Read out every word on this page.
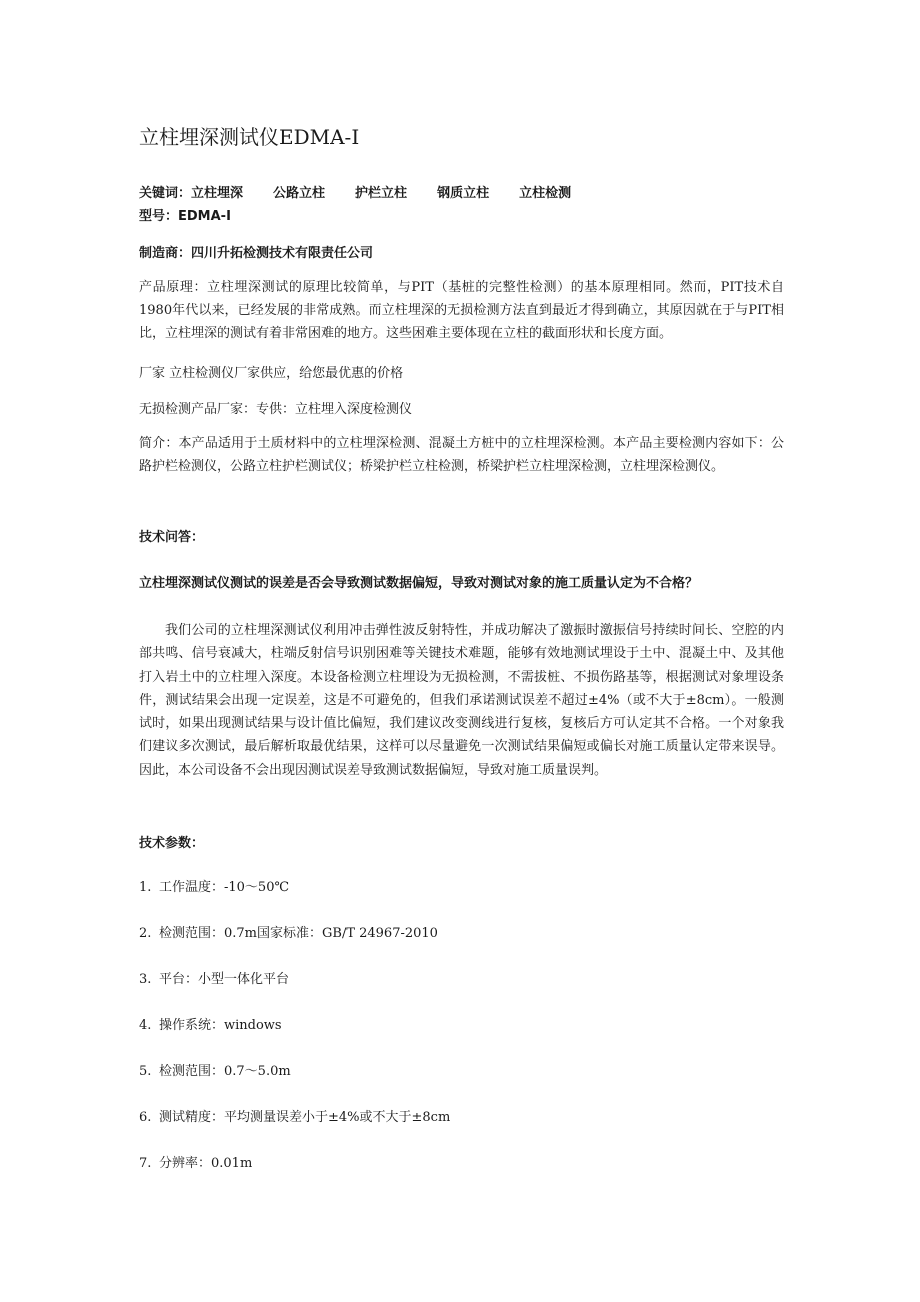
立柱埋深测试仪EDMA-I
关键词：立柱埋深 公路立柱 护栏立柱 钢质立柱 立柱检测
型号：EDMA-I
制造商：四川升拓检测技术有限责任公司

产品原理：立柱埋深测试的原理比较简单，与PIT（基桩的完整性检测）的基本原理相同。然而，PIT技术自1980年代以来，已经发展的非常成熟。而立柱埋深的无损检测方法直到最近才得到确立，其原因就在于与PIT相比，立柱埋深的测试有着非常困难的地方。这些困难主要体现在立柱的截面形状和长度方面。

厂家 立柱检测仪厂家供应，给您最优惠的价格

无损检测产品厂家：专供：立柱埋入深度检测仪

简介：本产品适用于土质材料中的立柱埋深检测、混凝土方桩中的立柱埋深检测。本产品主要检测内容如下：公路护栏检测仪，公路立柱护栏测试仪；桥梁护栏立柱检测，桥梁护栏立柱埋深检测，立柱埋深检测仪。

技术问答：
立柱埋深测试仪测试的误差是否会导致测试数据偏短，导致对测试对象的施工质量认定为不合格？

我们公司的立柱埋深测试仪利用冲击弹性波反射特性，并成功解决了激振时激振信号持续时间长、空腔的内部共鸣、信号衰减大，柱端反射信号识别困难等关键技术难题，能够有效地测试埋设于土中、混凝土中、及其他打入岩土中的立柱埋入深度。本设备检测立柱埋设为无损检测，不需拔桩、不损伤路基等，根据测试对象埋设条件，测试结果会出现一定误差，这是不可避免的，但我们承诺测试误差不超过±4%（或不大于±8cm）。一般测试时，如果出现测试结果与设计值比偏短，我们建议改变测线进行复核，复核后方可认定其不合格。一个对象我们建议多次测试，最后解析取最优结果，这样可以尽量避免一次测试结果偏短或偏长对施工质量认定带来误导。因此，本公司设备不会出现因测试误差导致测试数据偏短，导致对施工质量误判。

技术参数：
1. 工作温度：-10～50℃
2. 检测范围：0.7m国家标准：GB/T 24967-2010
3. 平台：小型一体化平台
4. 操作系统：windows
5. 检测范围：0.7～5.0m
6. 测试精度：平均测量误差小于±4%或不大于±8cm
7. 分辨率：0.01m
